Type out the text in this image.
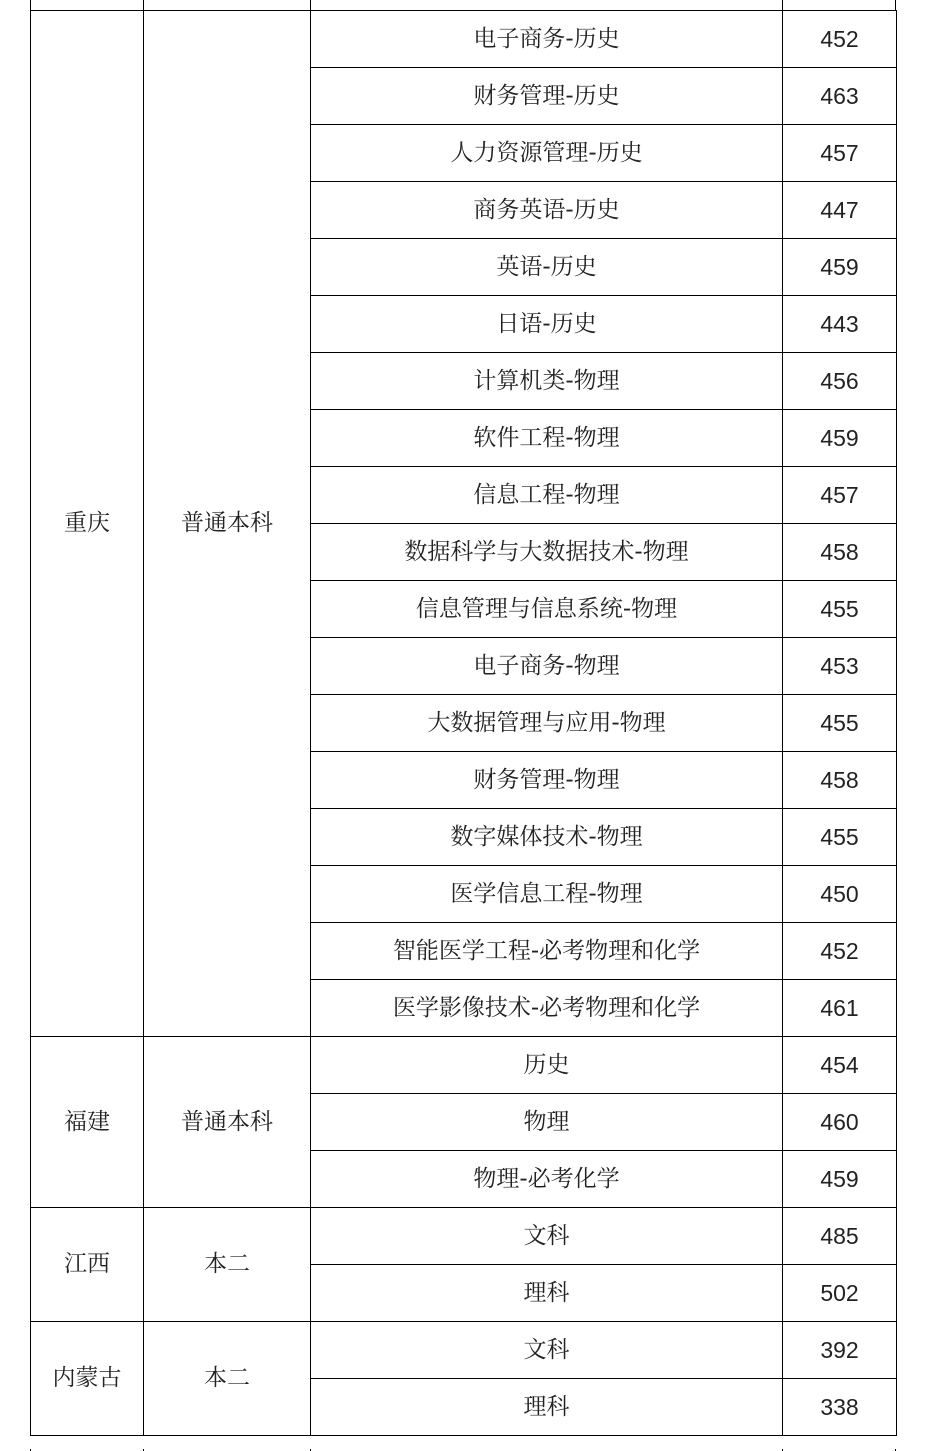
重庆	普通本科	电子商务-历史	452
		财务管理-历史	463
		人力资源管理-历史	457
		商务英语-历史	447
		英语-历史	459
		日语-历史	443
		计算机类-物理	456
		软件工程-物理	459
		信息工程-物理	457
		数据科学与大数据技术-物理	458
		信息管理与信息系统-物理	455
		电子商务-物理	453
		大数据管理与应用-物理	455
		财务管理-物理	458
		数字媒体技术-物理	455
		医学信息工程-物理	450
		智能医学工程-必考物理和化学	452
		医学影像技术-必考物理和化学	461
福建	普通本科	历史	454
		物理	460
		物理-必考化学	459
江西	本二	文科	485
		理科	502
内蒙古	本二	文科	392
		理科	338
